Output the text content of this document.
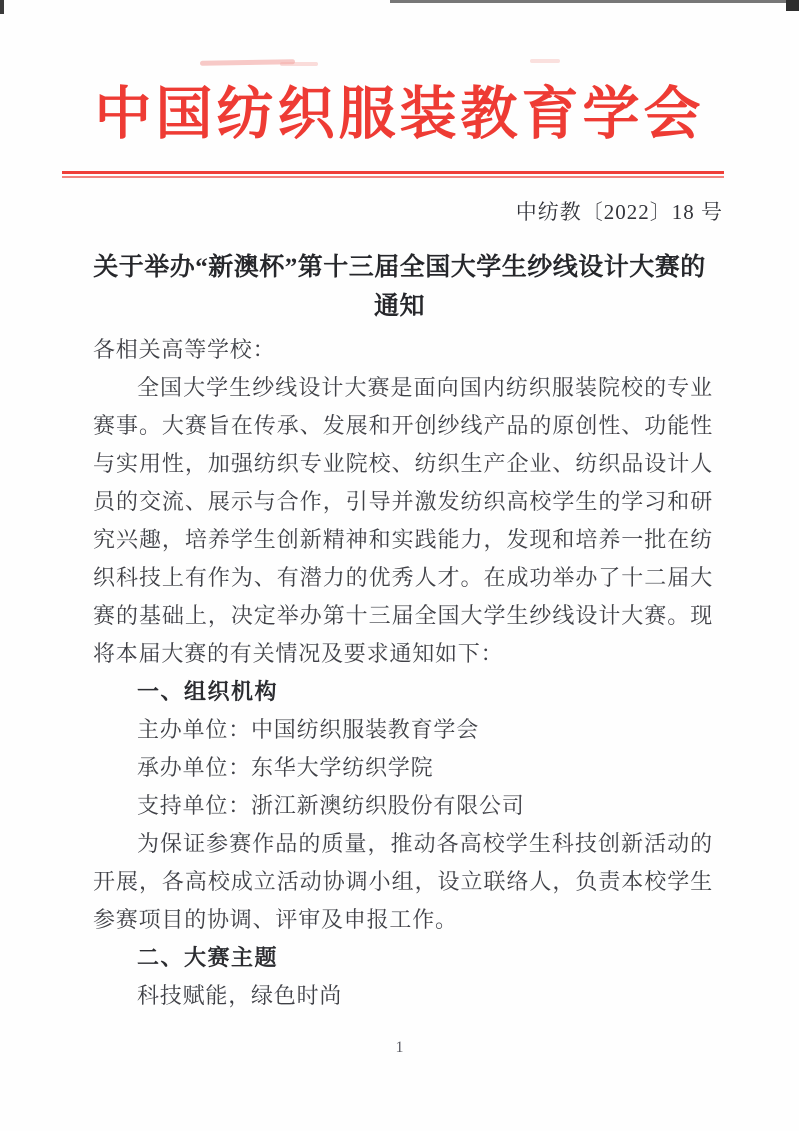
中国纺织服装教育学会
中纺教〔2022〕18 号
关于举办“新澳杯”第十三届全国大学生纱线设计大赛的
通知

各相关高等学校：

全国大学生纱线设计大赛是面向国内纺织服装院校的专业赛事。大赛旨在传承、发展和开创纱线产品的原创性、功能性与实用性，加强纺织专业院校、纺织生产企业、纺织品设计人员的交流、展示与合作，引导并激发纺织高校学生的学习和研究兴趣，培养学生创新精神和实践能力，发现和培养一批在纺织科技上有作为、有潜力的优秀人才。在成功举办了十二届大赛的基础上，决定举办第十三届全国大学生纱线设计大赛。现将本届大赛的有关情况及要求通知如下：

一、组织机构

主办单位：中国纺织服装教育学会

承办单位：东华大学纺织学院

支持单位：浙江新澳纺织股份有限公司

为保证参赛作品的质量，推动各高校学生科技创新活动的开展，各高校成立活动协调小组，设立联络人，负责本校学生参赛项目的协调、评审及申报工作。

二、大赛主题

科技赋能，绿色时尚

1
